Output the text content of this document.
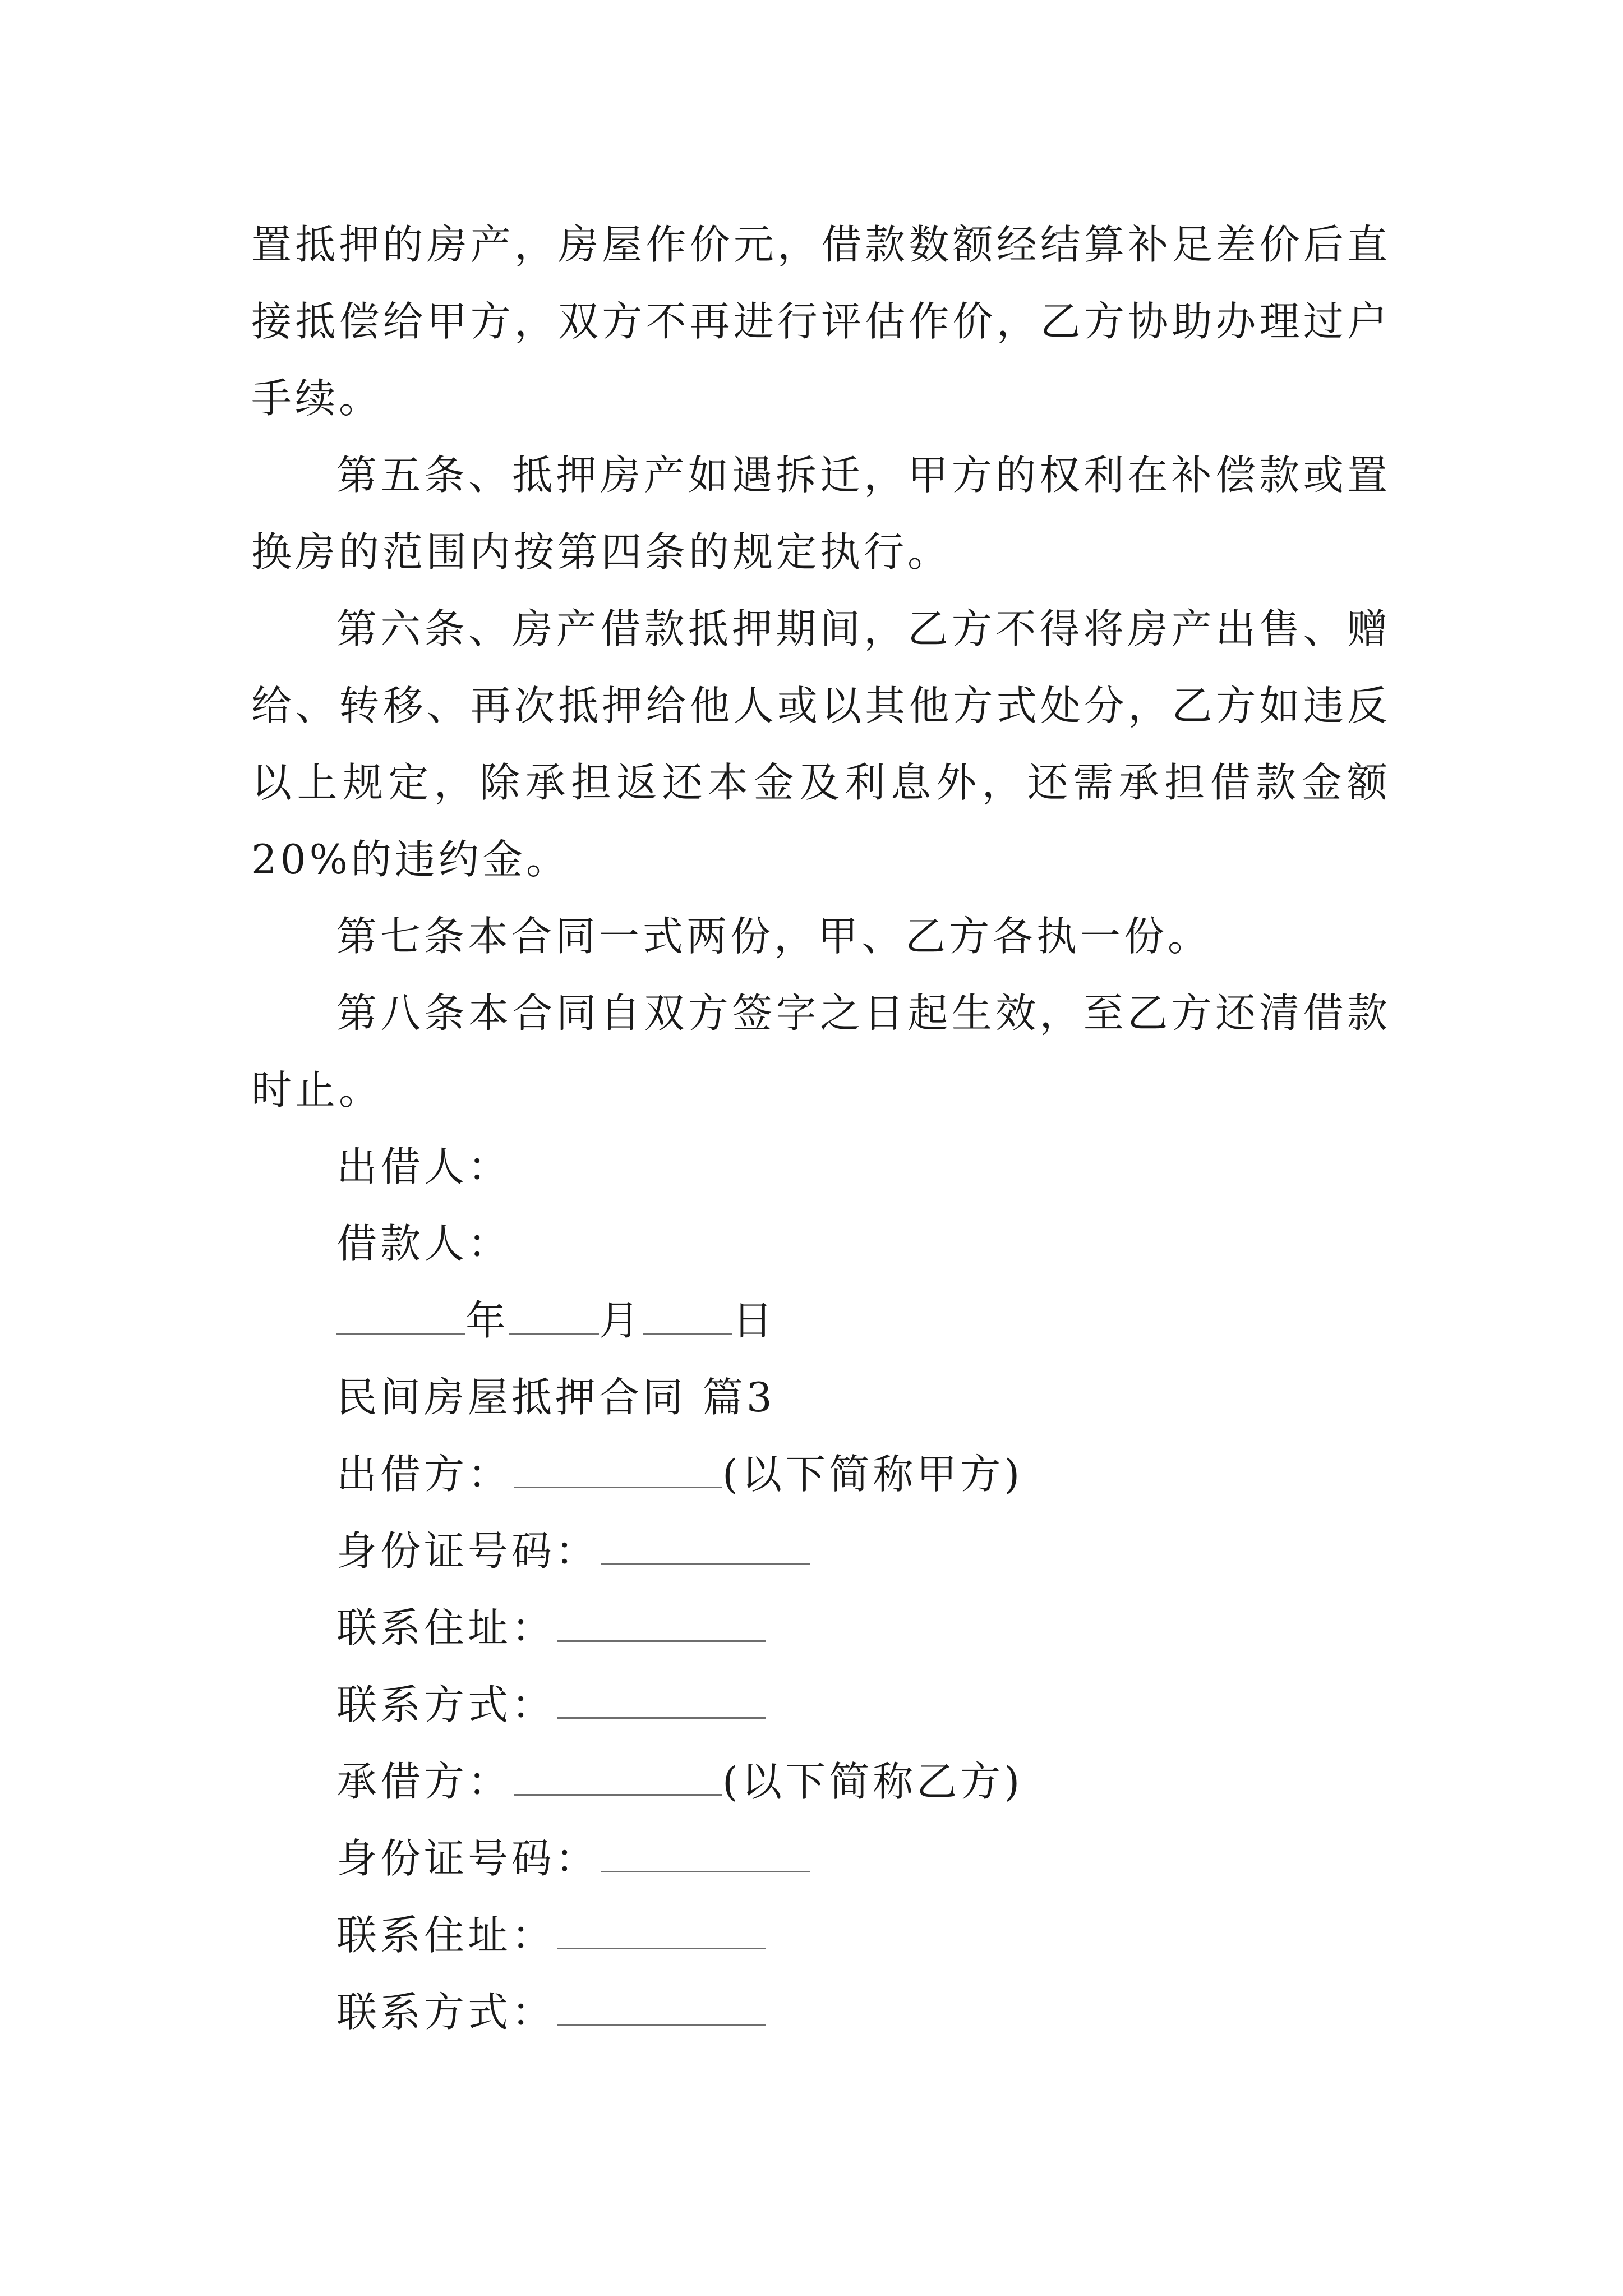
置抵押的房产，房屋作价元，借款数额经结算补足差价后直接抵偿给甲方，双方不再进行评估作价，乙方协助办理过户手续。

第五条、抵押房产如遇拆迁，甲方的权利在补偿款或置换房的范围内按第四条的规定执行。

第六条、房产借款抵押期间，乙方不得将房产出售、赠给、转移、再次抵押给他人或以其他方式处分，乙方如违反以上规定，除承担返还本金及利息外，还需承担借款金额20%的违约金。

第七条本合同一式两份，甲、乙方各执一份。

第八条本合同自双方签字之日起生效，至乙方还清借款时止。

出借人：

借款人：

年 月 日

民间房屋抵押合同 篇3

出借方：	(以下简称甲方)

身份证号码：

联系住址：

联系方式：

承借方：	(以下简称乙方)

身份证号码：

联系住址：

联系方式：
